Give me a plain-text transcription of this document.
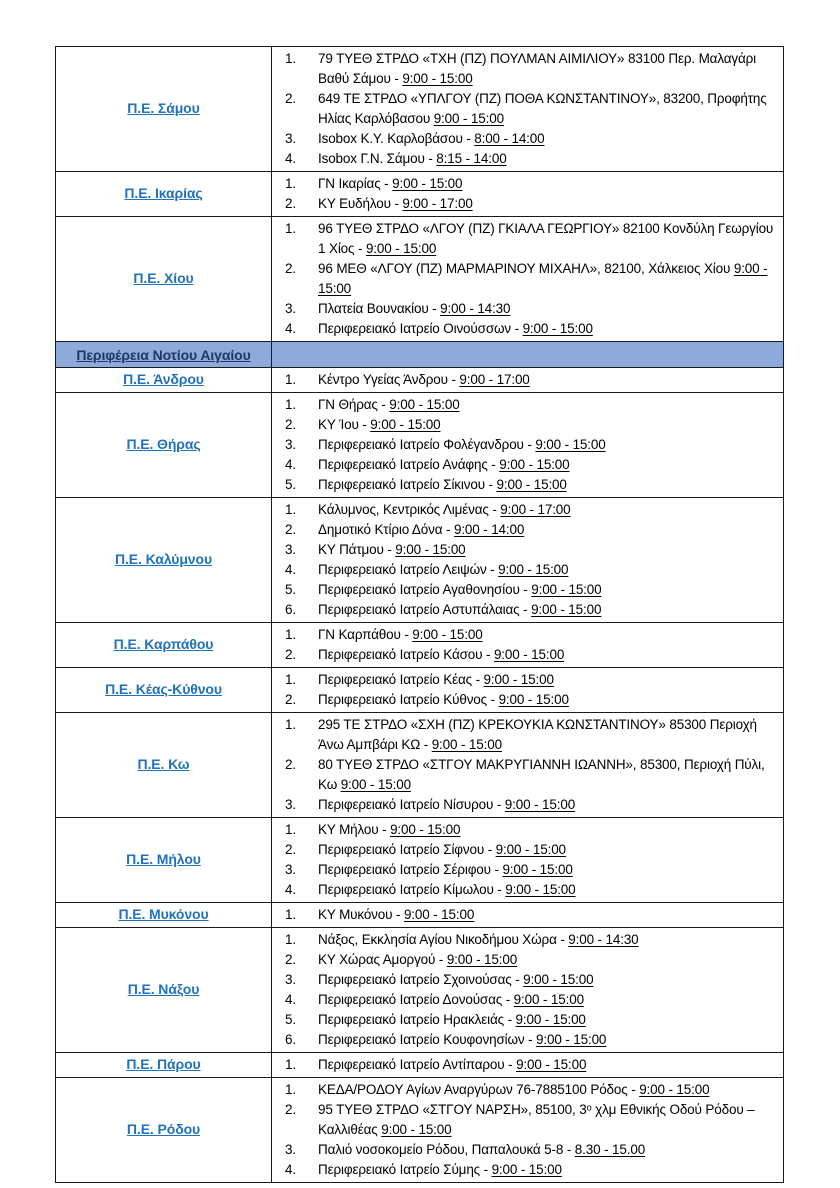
Π.Ε. Σάμου	
79 ΤΥΕΘ ΣΤΡΔΟ «ΤΧΗ (ΠΖ) ΠΟΥΛΜΑΝ ΑΙΜΙΛΙΟΥ» 83100 Περ. Μαλαγάρι Βαθύ Σάμου - 9:00 - 15:00
649 ΤΕ ΣΤΡΔΟ «ΥΠΛΓΟΥ (ΠΖ) ΠΟΘΑ ΚΩΝΣΤΑΝΤΙΝΟΥ», 83200, Προφήτης Ηλίας Καρλόβασου 9:00 - 15:00
Isobox Κ.Υ. Καρλοβάσου - 8:00 - 14:00
Isobox Γ.Ν. Σάμου - 8:15 - 14:00

Π.Ε. Ικαρίας	
ΓΝ Ικαρίας - 9:00 - 15:00
ΚΥ Ευδήλου - 9:00 - 17:00

Π.Ε. Χίου	
96 ΤΥΕΘ ΣΤΡΔΟ «ΛΓΟΥ (ΠΖ) ΓΚΙΑΛΑ ΓΕΩΡΓΙΟΥ» 82100 Κονδύλη Γεωργίου 1 Χίος - 9:00 - 15:00
96 ΜΕΘ «ΛΓΟΥ (ΠΖ) ΜΑΡΜΑΡΙΝΟΥ ΜΙΧΑΗΛ», 82100, Χάλκειος Χίου 9:00 - 15:00
Πλατεία Βουνακίου - 9:00 - 14:30
Περιφερειακό Ιατρείο Οινούσσων - 9:00 - 15:00

Περιφέρεια Νοτίου Αιγαίου	

Π.Ε. Άνδρου	Κέντρο Υγείας Άνδρου - 9:00 - 17:00

Π.Ε. Θήρας	
ΓΝ Θήρας - 9:00 - 15:00
ΚΥ Ίου - 9:00 - 15:00
Περιφερειακό Ιατρείο Φολέγανδρου - 9:00 - 15:00
Περιφερειακό Ιατρείο Ανάφης - 9:00 - 15:00
Περιφερειακό Ιατρείο Σίκινου - 9:00 - 15:00

Π.Ε. Καλύμνου	
Κάλυμνος, Κεντρικός Λιμένας - 9:00 - 17:00
Δημοτικό Κτίριο Δόνα - 9:00 - 14:00
ΚΥ Πάτμου - 9:00 - 15:00
Περιφερειακό Ιατρείο Λειψών - 9:00 - 15:00
Περιφερειακό Ιατρείο Αγαθονησίου - 9:00 - 15:00
Περιφερειακό Ιατρείο Αστυπάλαιας - 9:00 - 15:00

Π.Ε. Καρπάθου	
ΓΝ Καρπάθου - 9:00 - 15:00
Περιφερειακό Ιατρείο Κάσου - 9:00 - 15:00

Π.Ε. Κέας-Κύθνου	
Περιφερειακό Ιατρείο Κέας - 9:00 - 15:00
Περιφερειακό Ιατρείο Κύθνος - 9:00 - 15:00

Π.Ε. Κω	
295 ΤΕ ΣΤΡΔΟ «ΣΧΗ (ΠΖ) ΚΡΕΚΟΥΚΙΑ ΚΩΝΣΤΑΝΤΙΝΟΥ» 85300 Περιοχή Άνω Αμπβάρι ΚΩ - 9:00 - 15:00
80 ΤΥΕΘ ΣΤΡΔΟ «ΣΤΓΟΥ ΜΑΚΡΥΓΙΑΝΝΗ ΙΩΑΝΝΗ», 85300, Περιοχή Πύλι, Κω 9:00 - 15:00
Περιφερειακό Ιατρείο Νίσυρου - 9:00 - 15:00

Π.Ε. Μήλου	
ΚΥ Μήλου - 9:00 - 15:00
Περιφερειακό Ιατρείο Σίφνου - 9:00 - 15:00
Περιφερειακό Ιατρείο Σέριφου - 9:00 - 15:00
Περιφερειακό Ιατρείο Κίμωλου - 9:00 - 15:00

Π.Ε. Μυκόνου	ΚΥ Μυκόνου - 9:00 - 15:00

Π.Ε. Νάξου	
Νάξος, Εκκλησία Αγίου Νικοδήμου Χώρα - 9:00 - 14:30
ΚΥ Χώρας Αμοργού - 9:00 - 15:00
Περιφερειακό Ιατρείο Σχοινούσας - 9:00 - 15:00
Περιφερειακό Ιατρείο Δονούσας - 9:00 - 15:00
Περιφερειακό Ιατρείο Ηρακλειάς - 9:00 - 15:00
Περιφερειακό Ιατρείο Κουφονησίων - 9:00 - 15:00

Π.Ε. Πάρου	Περιφερειακό Ιατρείο Αντίπαρου - 9:00 - 15:00

Π.Ε. Ρόδου	
ΚΕΔΑ/ΡΟΔΟΥ Αγίων Αναργύρων 76-7885100 Ρόδος - 9:00 - 15:00
95 ΤΥΕΘ ΣΤΡΔΟ «ΣΤΓΟΥ ΝΑΡΣΗ», 85100, 3ᵒ χλμ Εθνικής Οδού Ρόδου – Καλλιθέας 9:00 - 15:00
Παλιό νοσοκομείο Ρόδου, Παπαλουκά 5-8 - 8.30 - 15.00
Περιφερειακό Ιατρείο Σύμης - 9:00 - 15:00
